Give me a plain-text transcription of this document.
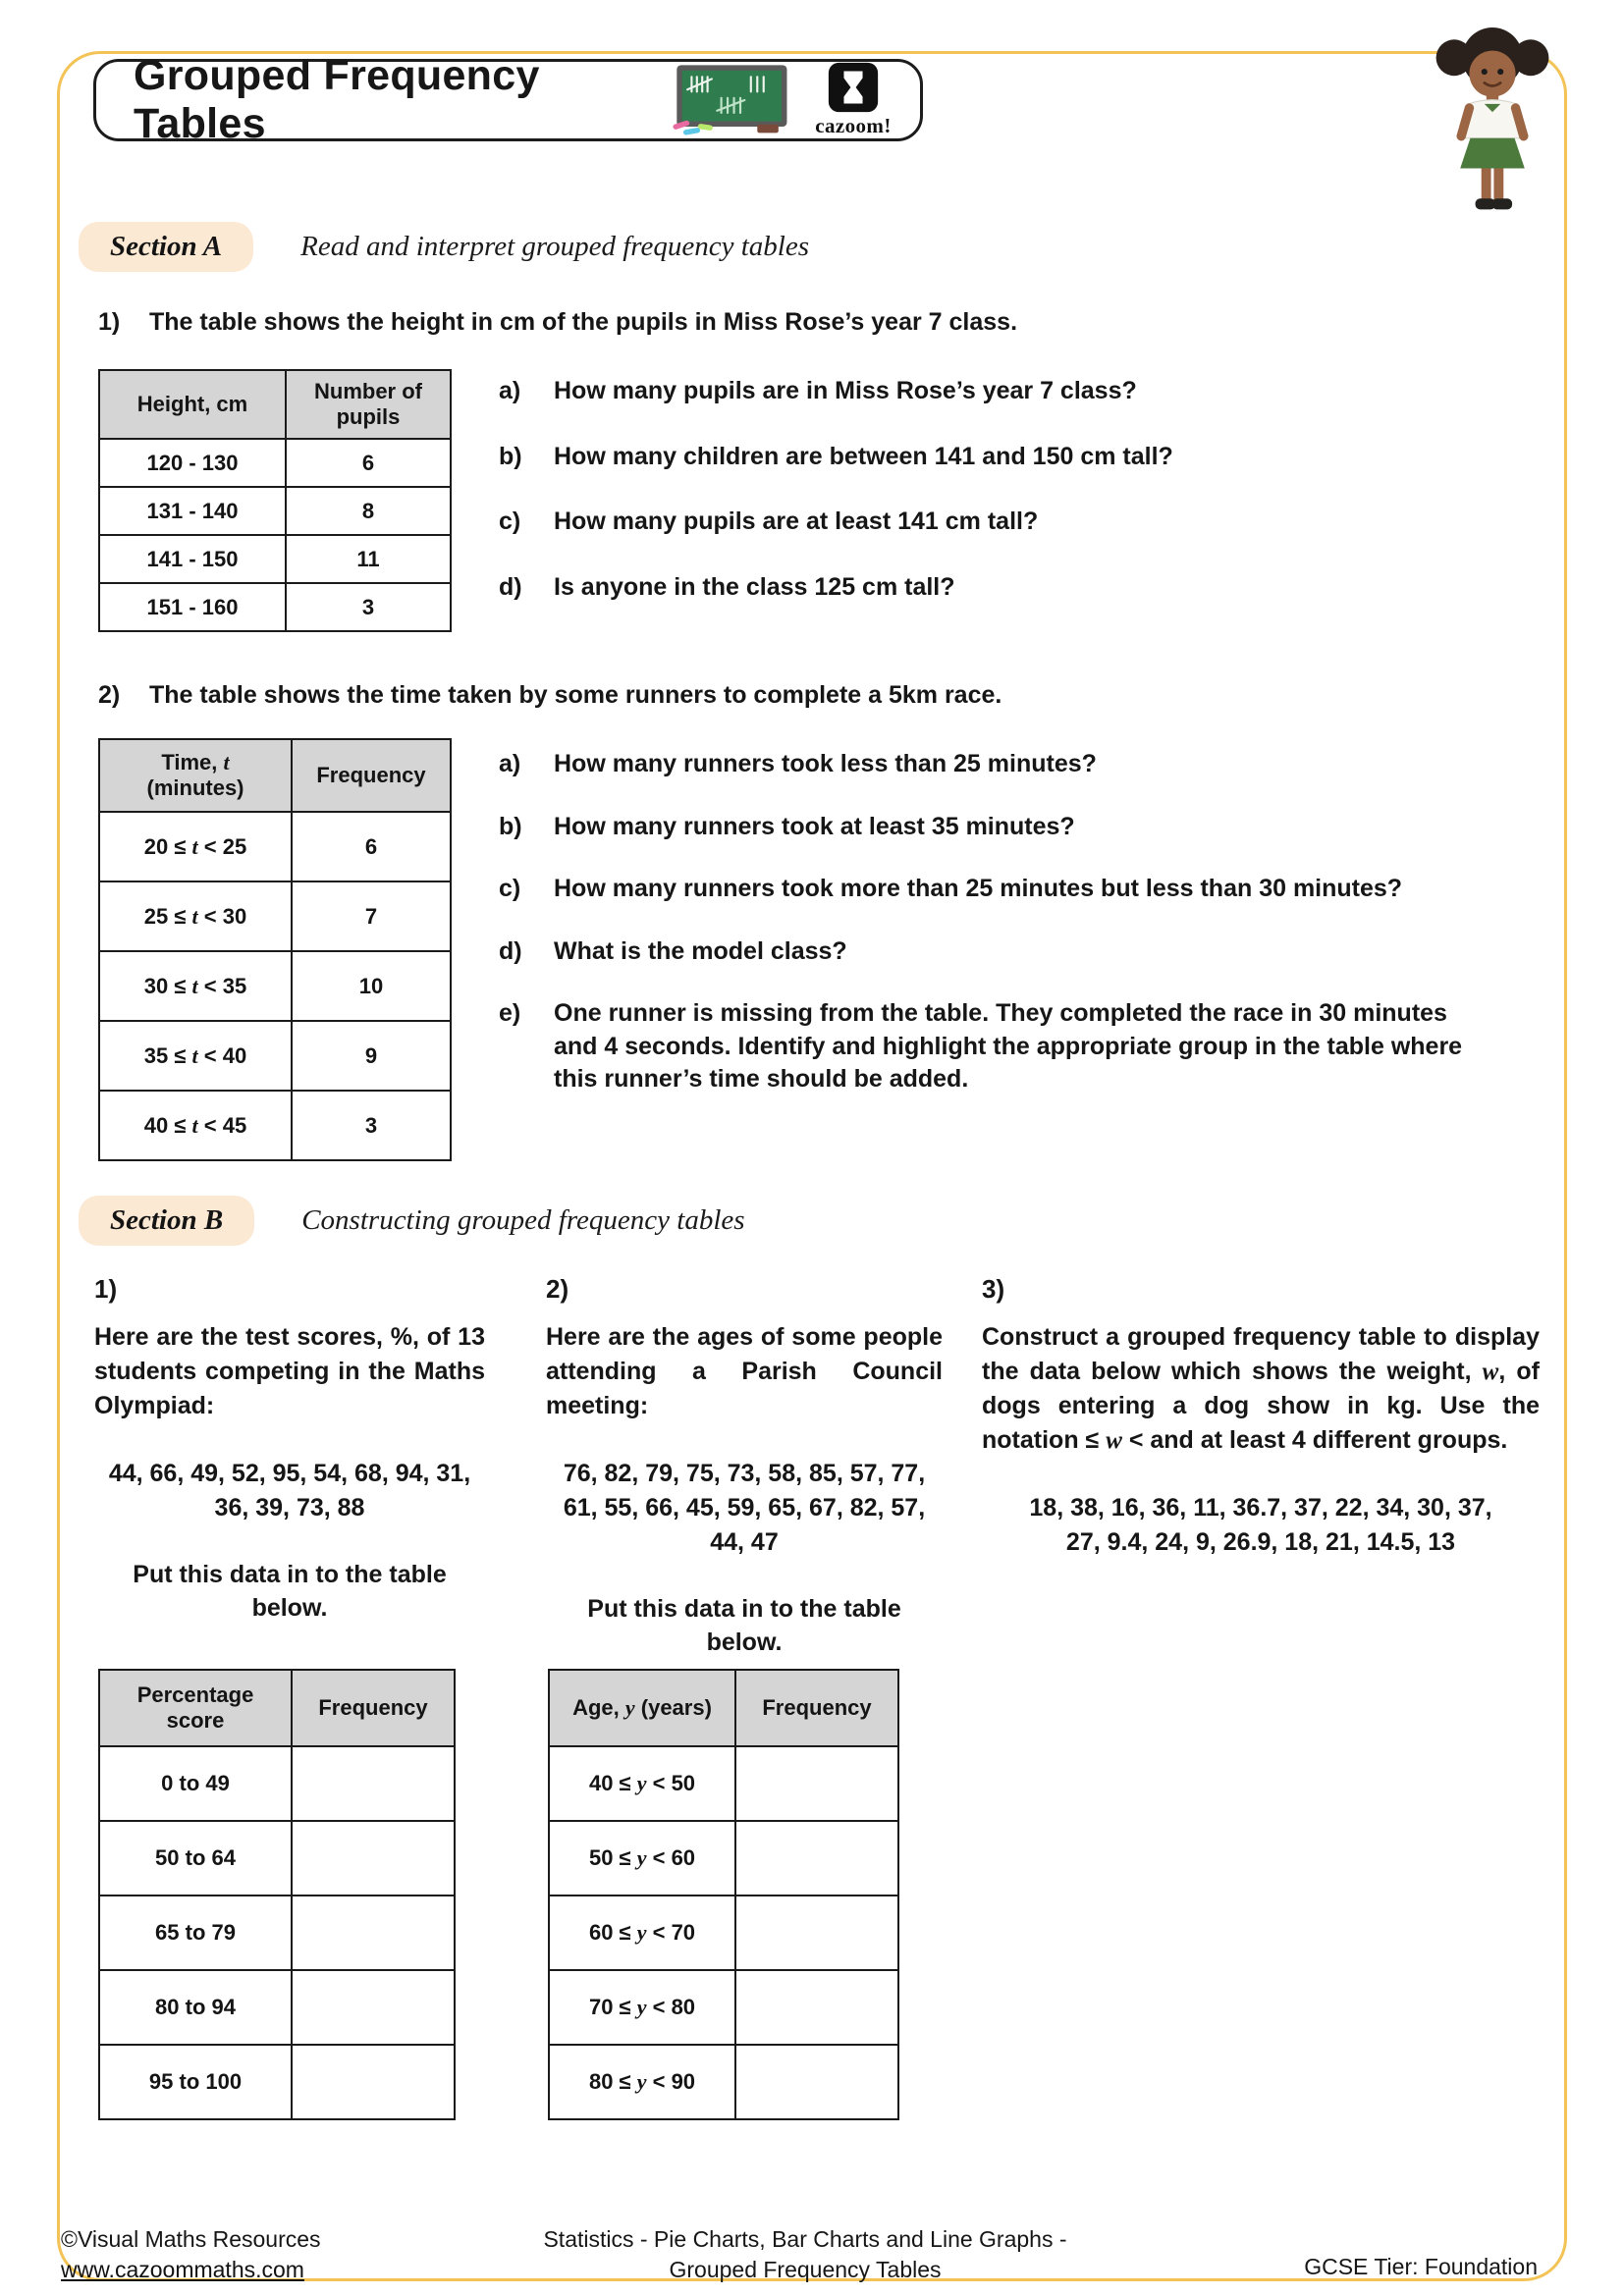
Grouped Frequency Tables	cazoom!
Section A	Read and interpret grouped frequency tables
1)	The table shows the height in cm of the pupils in Miss Rose’s year 7 class.
Height, cm	Number of pupils
120 - 130	6
131 - 140	8
141 - 150	11
151 - 160	3
a)	How many pupils are in Miss Rose’s year 7 class?
b)	How many children are between 141 and 150 cm tall?
c)	How many pupils are at least 141 cm tall?
d)	Is anyone in the class 125 cm tall?
2)	The table shows the time taken by some runners to complete a 5km race.
Time, t (minutes)	Frequency
20 ≤ t < 25	6
25 ≤ t < 30	7
30 ≤ t < 35	10
35 ≤ t < 40	9
40 ≤ t < 45	3
a)	How many runners took less than 25 minutes?
b)	How many runners took at least 35 minutes?
c)	How many runners took more than 25 minutes but less than 30 minutes?
d)	What is the model class?
e)	One runner is missing from the table. They completed the race in 30 minutes and 4 seconds. Identify and highlight the appropriate group in the table where this runner’s time should be added.
Section B	Constructing grouped frequency tables
1)
Here are the test scores, %, of 13 students competing in the Maths Olympiad:
44, 66, 49, 52, 95, 54, 68, 94, 31, 36, 39, 73, 88
Put this data in to the table below.
Percentage score	Frequency
0 to 49	
50 to 64	
65 to 79	
80 to 94	
95 to 100	
2)
Here are the ages of some people attending a Parish Council meeting:
76, 82, 79, 75, 73, 58, 85, 57, 77, 61, 55, 66, 45, 59, 65, 67, 82, 57, 44, 47
Put this data in to the table below.
Age, y (years)	Frequency
40 ≤ y < 50	
50 ≤ y < 60	
60 ≤ y < 70	
70 ≤ y < 80	
80 ≤ y < 90	
3)
Construct a grouped frequency table to display the data below which shows the weight, w, of dogs entering a dog show in kg. Use the notation ≤ w < and at least 4 different groups.
18, 38, 16, 36, 11, 36.7, 37, 22, 34, 30, 37, 27, 9.4, 24, 9, 26.9, 18, 21, 14.5, 13
©Visual Maths Resources
www.cazoommaths.com
Statistics - Pie Charts, Bar Charts and Line Graphs -
Grouped Frequency Tables	GCSE Tier: Foundation
